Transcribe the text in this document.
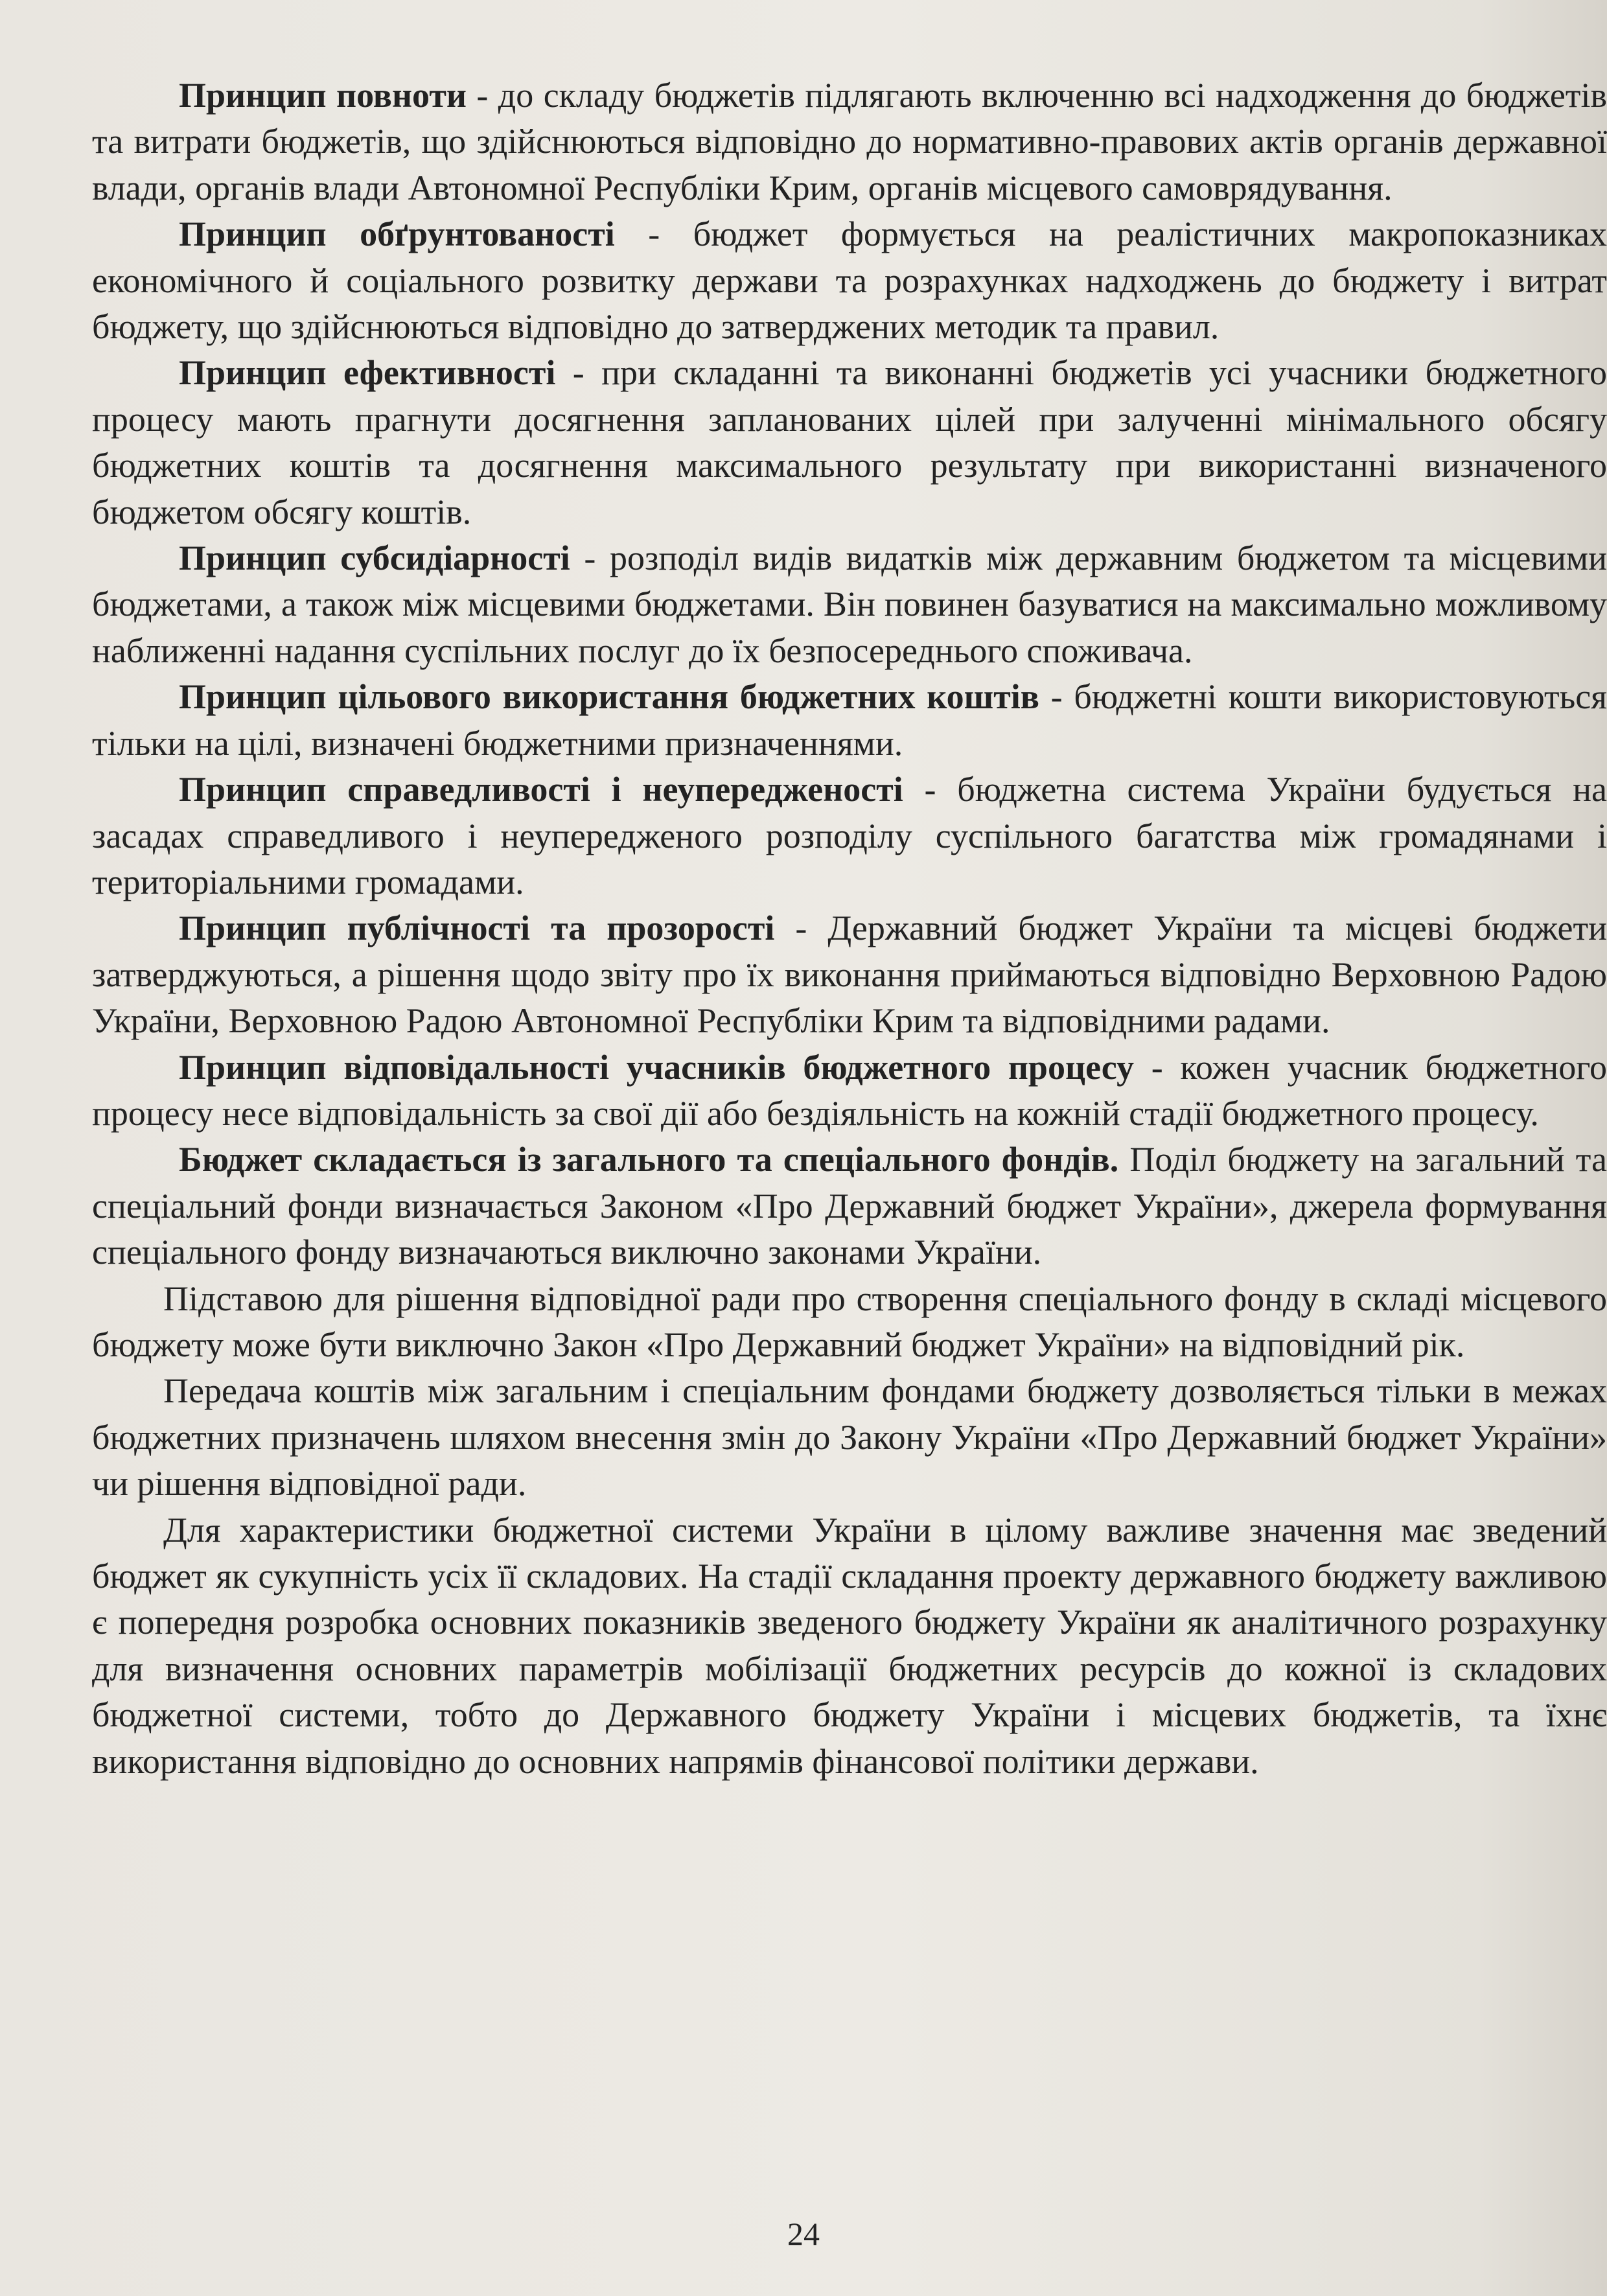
Принцип повноти - до складу бюджетів підлягають включенню всі надходження до бюджетів та витрати бюджетів, що здійснюються відповідно до нормативно-правових актів органів державної влади, органів влади Автономної Республіки Крим, органів місцевого самоврядування.

Принцип обґрунтованості - бюджет формується на реалістичних макропоказниках економічного й соціального розвитку держави та розрахунках надходжень до бюджету і витрат бюджету, що здійснюються відповідно до затверджених методик та правил.

Принцип ефективності - при складанні та виконанні бюджетів усі учасники бюджетного процесу мають прагнути досягнення запланованих цілей при залученні мінімального обсягу бюджетних коштів та досягнення максимального результату при використанні визначеного бюджетом обсягу коштів.

Принцип субсидіарності - розподіл видів видатків між державним бюджетом та місцевими бюджетами, а також між місцевими бюджетами. Він повинен базуватися на максимально можливому наближенні надання суспільних послуг до їх безпосереднього споживача.

Принцип цільового використання бюджетних коштів - бюджетні кошти використовуються тільки на цілі, визначені бюджетними призначеннями.

Принцип справедливості і неупередженості - бюджетна система України будується на засадах справедливого і неупередженого розподілу суспільного багатства між громадянами і територіальними громадами.

Принцип публічності та прозорості - Державний бюджет України та місцеві бюджети затверджуються, а рішення щодо звіту про їх виконання приймаються відповідно Верховною Радою України, Верховною Радою Автономної Республіки Крим та відповідними радами.

Принцип відповідальності учасників бюджетного процесу - кожен учасник бюджетного процесу несе відповідальність за свої дії або бездіяльність на кожній стадії бюджетного процесу.

Бюджет складається із загального та спеціального фондів. Поділ бюджету на загальний та спеціальний фонди визначається Законом «Про Державний бюджет України», джерела формування спеціального фонду визначаються виключно законами України.

Підставою для рішення відповідної ради про створення спеціального фонду в складі місцевого бюджету може бути виключно Закон «Про Державний бюджет України» на відповідний рік.

Передача коштів між загальним і спеціальним фондами бюджету дозволяється тільки в межах бюджетних призначень шляхом внесення змін до Закону України «Про Державний бюджет України» чи рішення відповідної ради.

Для характеристики бюджетної системи України в цілому важливе значення має зведений бюджет як сукупність усіх її складових. На стадії складання проекту державного бюджету важливою є попередня розробка основних показників зведеного бюджету України як аналітичного розрахунку для визначення основних параметрів мобілізації бюджетних ресурсів до кожної із складових бюджетної системи, тобто до Державного бюджету України і місцевих бюджетів, та їхнє використання відповідно до основних напрямів фінансової політики держави.

24
